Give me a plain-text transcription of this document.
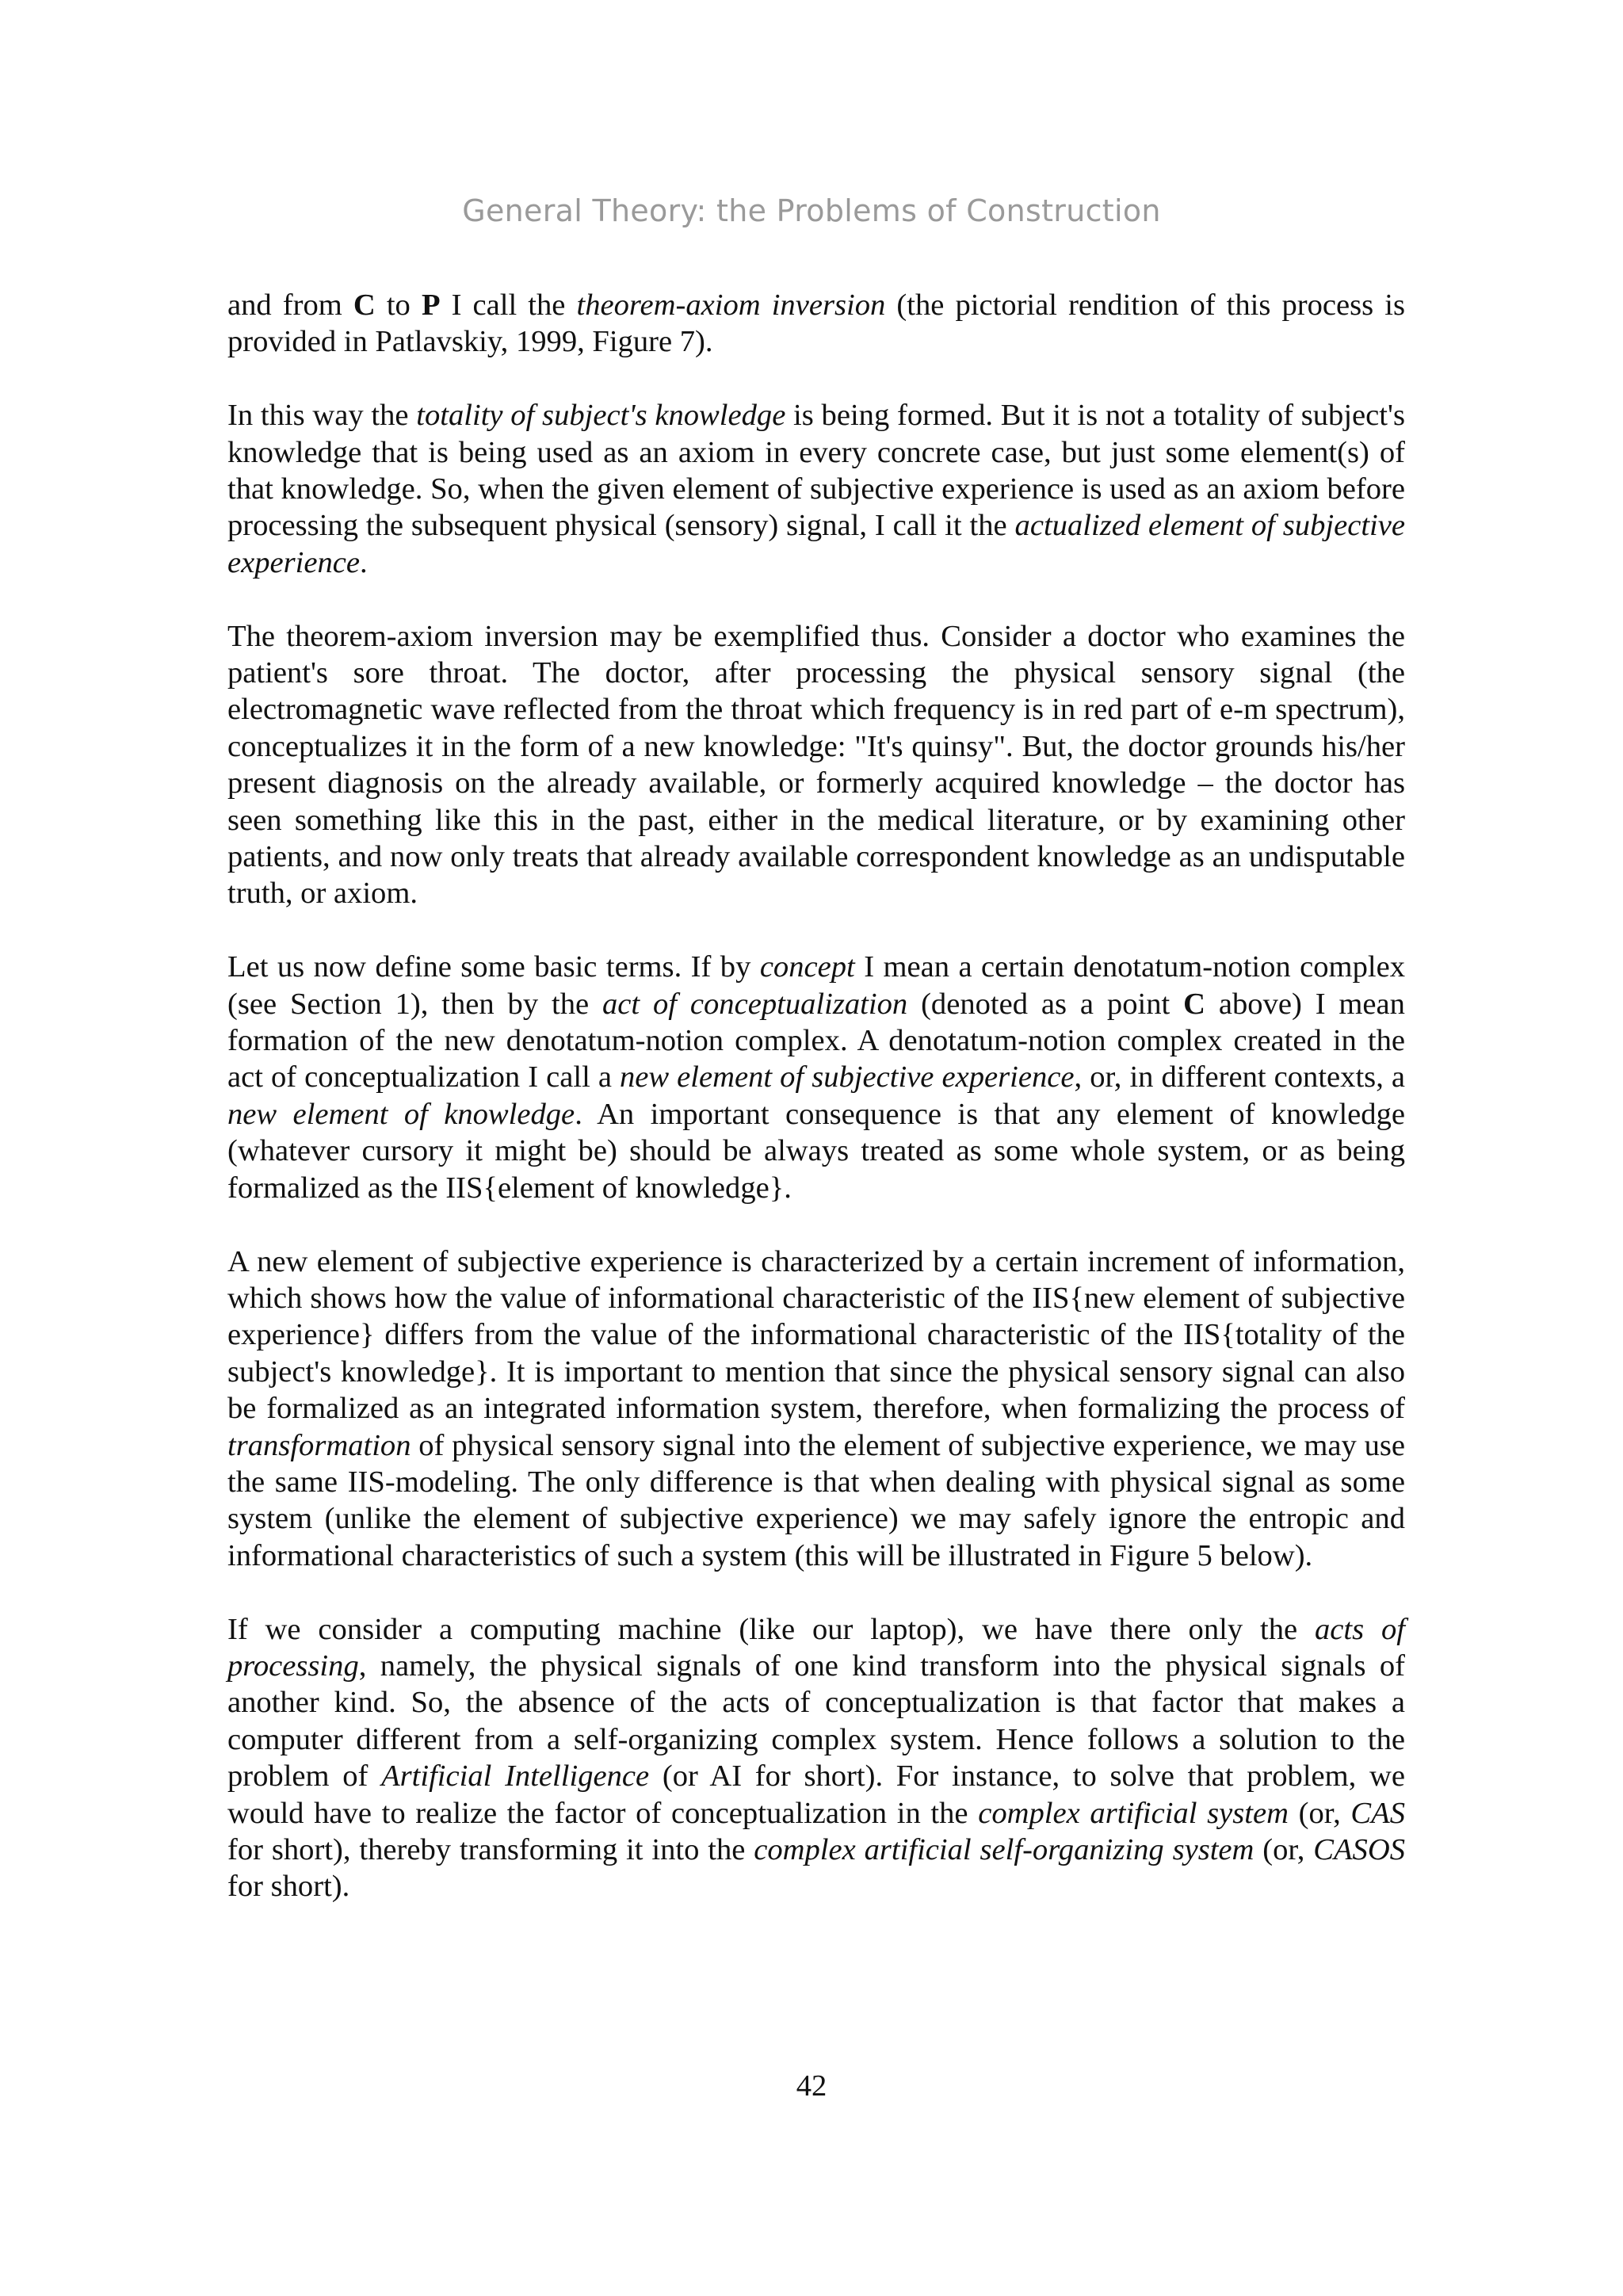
General Theory: the Problems of Construction

and from C to P I call the theorem-axiom inversion (the pictorial rendition of this process is provided in Patlavskiy, 1999, Figure 7).

In this way the totality of subject's knowledge is being formed. But it is not a totality of subject's knowledge that is being used as an axiom in every concrete case, but just some element(s) of that knowledge. So, when the given element of subjective experience is used as an axiom before processing the subsequent physical (sensory) signal, I call it the actualized element of subjective experience.

The theorem-axiom inversion may be exemplified thus. Consider a doctor who examines the patient's sore throat. The doctor, after processing the physical sensory signal (the electromagnetic wave reflected from the throat which frequency is in red part of e-m spectrum), conceptualizes it in the form of a new knowledge: "It's quinsy". But, the doctor grounds his/her present diagnosis on the already available, or formerly acquired knowledge – the doctor has seen something like this in the past, either in the medical literature, or by examining other patients, and now only treats that already available correspondent knowledge as an undisputable truth, or axiom.

Let us now define some basic terms. If by concept I mean a certain denotatum-notion complex (see Section 1), then by the act of conceptualization (denoted as a point C above) I mean formation of the new denotatum-notion complex. A denotatum-notion complex created in the act of conceptualization I call a new element of subjective experience, or, in different contexts, a new element of knowledge. An important consequence is that any element of knowledge (whatever cursory it might be) should be always treated as some whole system, or as being formalized as the IIS{element of knowledge}.

A new element of subjective experience is characterized by a certain increment of information, which shows how the value of informational characteristic of the IIS{new element of subjective experience} differs from the value of the informational characteristic of the IIS{totality of the subject's knowledge}. It is important to mention that since the physical sensory signal can also be formalized as an integrated information system, therefore, when formalizing the process of transformation of physical sensory signal into the element of subjective experience, we may use the same IIS-modeling. The only difference is that when dealing with physical signal as some system (unlike the element of subjective experience) we may safely ignore the entropic and informational characteristics of such a system (this will be illustrated in Figure 5 below).

If we consider a computing machine (like our laptop), we have there only the acts of processing, namely, the physical signals of one kind transform into the physical signals of another kind. So, the absence of the acts of conceptualization is that factor that makes a computer different from a self-organizing complex system. Hence follows a solution to the problem of Artificial Intelligence (or AI for short). For instance, to solve that problem, we would have to realize the factor of conceptualization in the complex artificial system (or, CAS for short), thereby transforming it into the complex artificial self-organizing system (or, CASOS for short).

42
